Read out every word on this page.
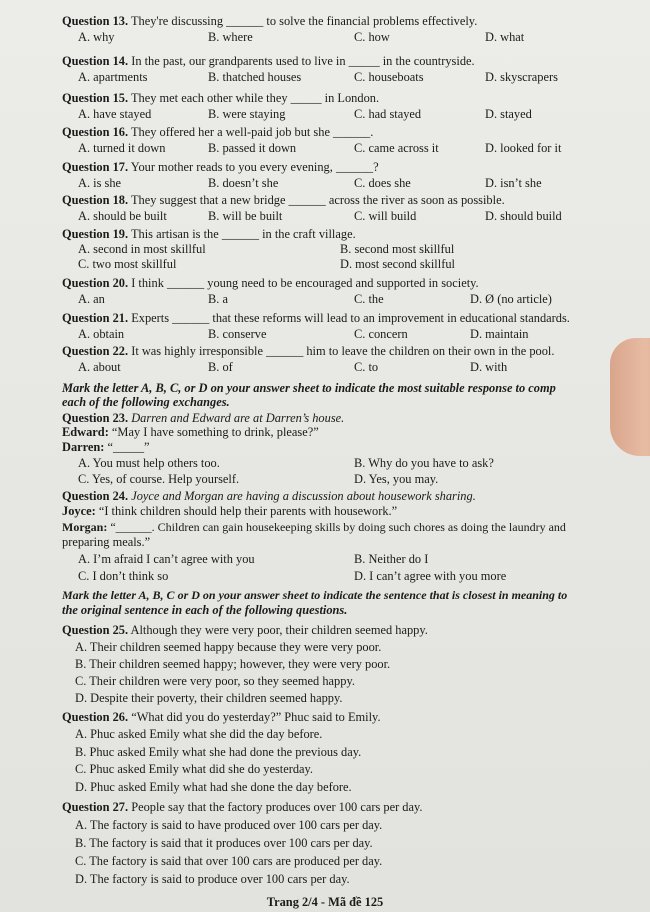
Question 13. They're discussing ______ to solve the financial problems effectively.
A. why	B. where	C. how	D. what
Question 14. In the past, our grandparents used to live in _____ in the countryside.
A. apartments	B. thatched houses	C. houseboats	D. skyscrapers
Question 15. They met each other while they _____ in London.
A. have stayed	B. were staying	C. had stayed	D. stayed
Question 16. They offered her a well-paid job but she ______.
A. turned it down	B. passed it down	C. came across it	D. looked for it
Question 17. Your mother reads to you every evening, ______?
A. is she	B. doesn’t she	C. does she	D. isn’t she
Question 18. They suggest that a new bridge ______ across the river as soon as possible.
A. should be built	B. will be built	C. will build	D. should build
Question 19. This artisan is the ______ in the craft village.
A. second in most skillful	B. second most skillful
C. two most skillful	D. most second skillful
Question 20. I think ______ young need to be encouraged and supported in society.
A. an	B. a	C. the	D. Ø (no article)
Question 21. Experts ______ that these reforms will lead to an improvement in educational standards.
A. obtain	B. conserve	C. concern	D. maintain
Question 22. It was highly irresponsible ______ him to leave the children on their own in the pool.
A. about	B. of	C. to	D. with
Mark the letter A, B, C, or D on your answer sheet to indicate the most suitable response to comp
each of the following exchanges.
Question 23. Darren and Edward are at Darren’s house.
Edward: “May I have something to drink, please?”
Darren: “_____”
A. You must help others too.	B. Why do you have to ask?
C. Yes, of course. Help yourself.	D. Yes, you may.
Question 24. Joyce and Morgan are having a discussion about housework sharing.
Joyce: “I think children should help their parents with housework.”
Morgan: “______. Children can gain housekeeping skills by doing such chores as doing the laundry and
preparing meals.”
A. I’m afraid I can’t agree with you	B. Neither do I
C. I don’t think so	D. I can’t agree with you more
Mark the letter A, B, C or D on your answer sheet to indicate the sentence that is closest in meaning to
the original sentence in each of the following questions.
Question 25. Although they were very poor, their children seemed happy.
A. Their children seemed happy because they were very poor.
B. Their children seemed happy; however, they were very poor.
C. Their children were very poor, so they seemed happy.
D. Despite their poverty, their children seemed happy.
Question 26. “What did you do yesterday?” Phuc said to Emily.
A. Phuc asked Emily what she did the day before.
B. Phuc asked Emily what she had done the previous day.
C. Phuc asked Emily what did she do yesterday.
D. Phuc asked Emily what had she done the day before.
Question 27. People say that the factory produces over 100 cars per day.
A. The factory is said to have produced over 100 cars per day.
B. The factory is said that it produces over 100 cars per day.
C. The factory is said that over 100 cars are produced per day.
D. The factory is said to produce over 100 cars per day.
Trang 2/4 - Mã đề 125
